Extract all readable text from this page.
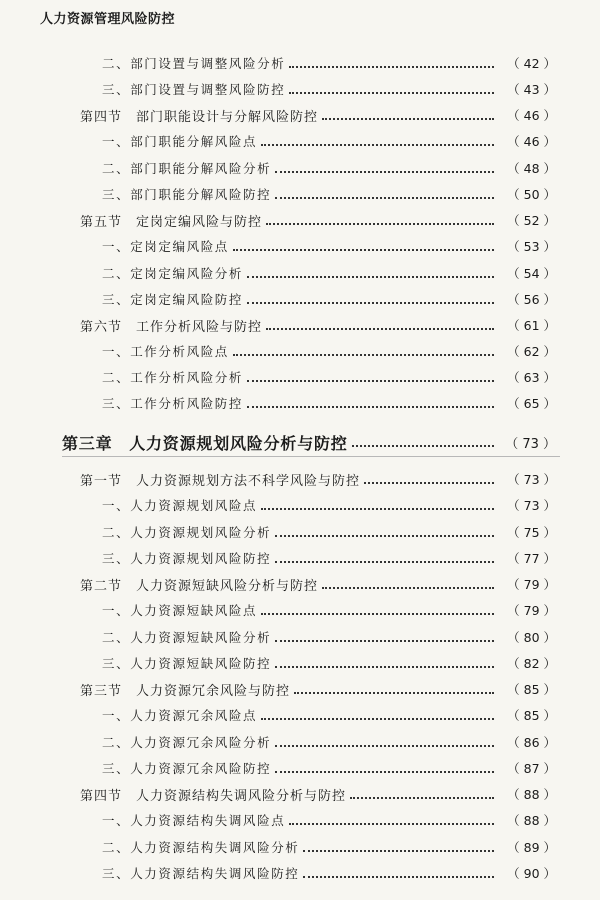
人力资源管理风险防控
二、部门设置与调整风险分析	（ 42 ）
三、部门设置与调整风险防控	（ 43 ）
第四节　部门职能设计与分解风险防控	（ 46 ）
一、部门职能分解风险点	（ 46 ）
二、部门职能分解风险分析	（ 48 ）
三、部门职能分解风险防控	（ 50 ）
第五节　定岗定编风险与防控	（ 52 ）
一、定岗定编风险点	（ 53 ）
二、定岗定编风险分析	（ 54 ）
三、定岗定编风险防控	（ 56 ）
第六节　工作分析风险与防控	（ 61 ）
一、工作分析风险点	（ 62 ）
二、工作分析风险分析	（ 63 ）
三、工作分析风险防控	（ 65 ）
第三章　人力资源规划风险分析与防控	（ 73 ）
第一节　人力资源规划方法不科学风险与防控	（ 73 ）
一、人力资源规划风险点	（ 73 ）
二、人力资源规划风险分析	（ 75 ）
三、人力资源规划风险防控	（ 77 ）
第二节　人力资源短缺风险分析与防控	（ 79 ）
一、人力资源短缺风险点	（ 79 ）
二、人力资源短缺风险分析	（ 80 ）
三、人力资源短缺风险防控	（ 82 ）
第三节　人力资源冗余风险与防控	（ 85 ）
一、人力资源冗余风险点	（ 85 ）
二、人力资源冗余风险分析	（ 86 ）
三、人力资源冗余风险防控	（ 87 ）
第四节　人力资源结构失调风险分析与防控	（ 88 ）
一、人力资源结构失调风险点	（ 88 ）
二、人力资源结构失调风险分析	（ 89 ）
三、人力资源结构失调风险防控	（ 90 ）
